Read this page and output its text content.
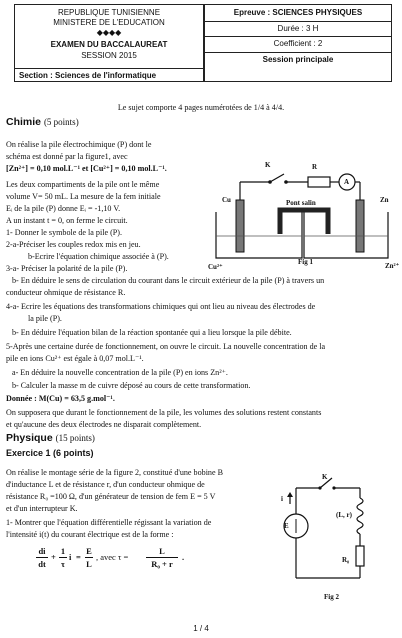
REPUBLIQUE TUNISIENNE
MINISTERE DE L'EDUCATION
◆◆◆◆
EXAMEN DU BACCALAUREAT
SESSION 2015
Section : Sciences de l'informatique
Epreuve : SCIENCES PHYSIQUES
Durée : 3 H
Coefficient : 2
Session principale
Le sujet comporte 4 pages numérotées de 1/4 à 4/4.
Chimie (5 points)
On réalise la pile électrochimique (P) dont le
schéma est donné par la figure1, avec
[Zn²⁺] = 0,10 mol.L⁻¹ et [Cu²⁺] = 0,10 mol.L⁻¹.
Les deux compartiments de la pile ont le même
volume V= 50 mL. La mesure de la fem initiale
Eᵢ de la pile (P) donne Eᵢ = -1,10 V.
A un instant t = 0, on ferme le circuit.
1- Donner le symbole de la pile (P).
2-a-Préciser les couples redox mis en jeu.
b-Ecrire l'équation chimique associée à (P).
3-a- Préciser la polarité de la pile (P).
b- En déduire le sens de circulation du courant dans le circuit extérieur de la pile (P) à travers un
conducteur ohmique de résistance R.
4-a- Ecrire les équations des transformations chimiques qui ont lieu au niveau des électrodes de
la pile (P).
b- En déduire l'équation bilan de la réaction spontanée qui a lieu lorsque la pile débite.
5-Après une certaine durée de fonctionnement, on ouvre le circuit. La nouvelle concentration de la
pile en ions Cu²⁺ est égale à 0,07 mol.L⁻¹.
a- En déduire la nouvelle concentration de la pile (P) en ions Zn²⁺.
b- Calculer la masse m de cuivre déposé au cours de cette transformation.
Donnée : M(Cu) = 63,5 g.mol⁻¹.
On supposera que durant le fonctionnement de la pile, les volumes des solutions restent constants
et qu'aucune des deux électrodes ne disparait complètement.
K	R
A
Cu	Zn
Pont salin
Cu²⁺	Zn²⁺
Fig 1
Physique (15 points)
Exercice 1 (6 points)
On réalise le montage série de la figure 2, constitué d'une bobine B
d'inductance L et de résistance r, d'un conducteur ohmique de
résistance R₀ =100 Ω, d'un générateur de tension de fem E = 5 V
et d'un interrupteur K.
1- Montrer que l'équation différentielle régissant la variation de
l'intensité i(t) du courant électrique est de la forme :
di
dt
+
1
τ
i =
E
L
, avec τ =
L
R₀ + r
.
K
i
E
(L, r)
R₀
Fig 2
1 / 4
